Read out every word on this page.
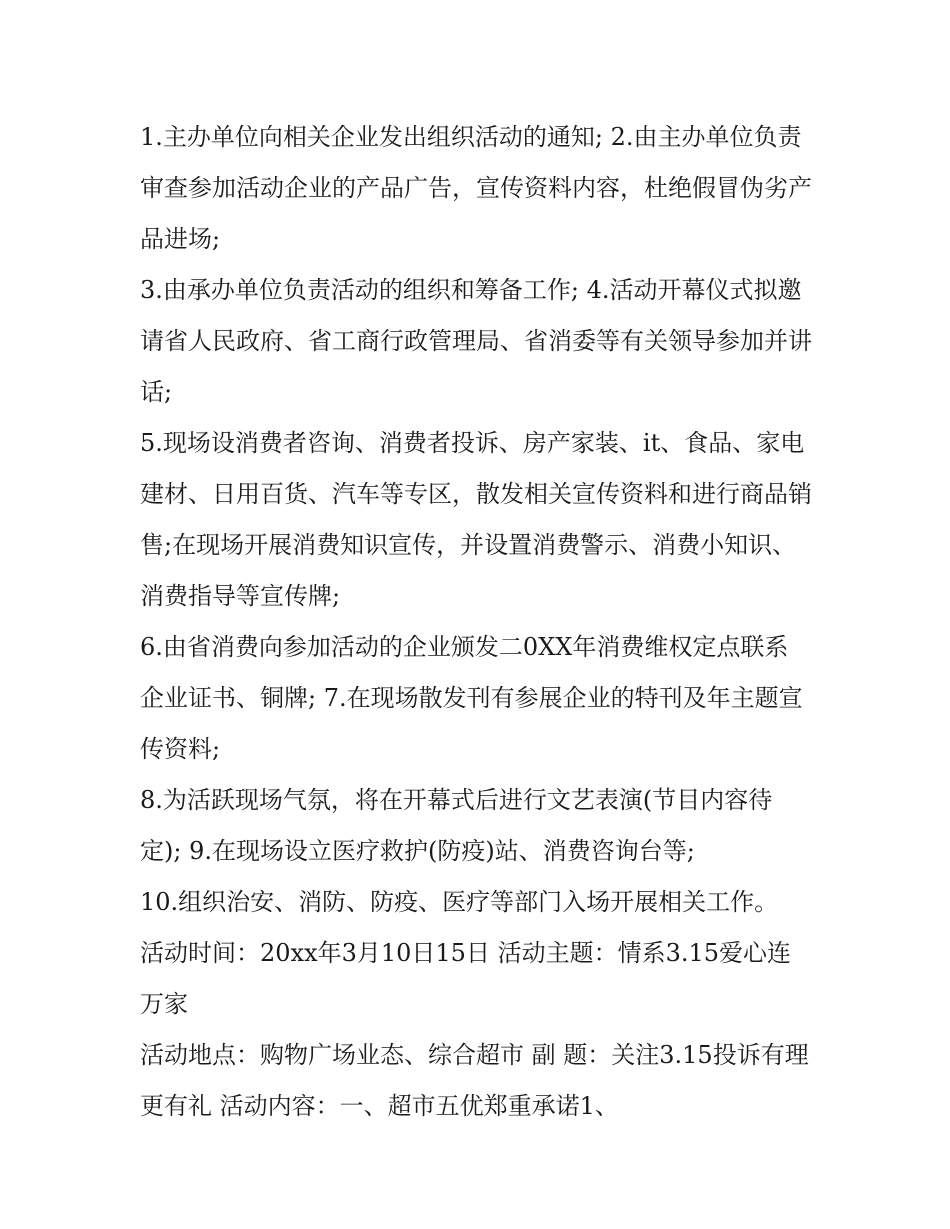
1.主办单位向相关企业发出组织活动的通知; 2.由主办单位负责审查参加活动企业的产品广告，宣传资料内容，杜绝假冒伪劣产品进场;

3.由承办单位负责活动的组织和筹备工作; 4.活动开幕仪式拟邀请省人民政府、省工商行政管理局、省消委等有关领导参加并讲话;

5.现场设消费者咨询、消费者投诉、房产家装、it、食品、家电建材、日用百货、汽车等专区，散发相关宣传资料和进行商品销售;在现场开展消费知识宣传，并设置消费警示、消费小知识、消费指导等宣传牌;

6.由省消费向参加活动的企业颁发二0XX年消费维权定点联系企业证书、铜牌; 7.在现场散发刊有参展企业的特刊及年主题宣传资料;

8.为活跃现场气氛，将在开幕式后进行文艺表演(节目内容待定); 9.在现场设立医疗救护(防疫)站、消费咨询台等;

10.组织治安、消防、防疫、医疗等部门入场开展相关工作。

活动时间：20xx年3月10日15日 活动主题：情系3.15爱心连万家

活动地点：购物广场业态、综合超市 副 题：关注3.15投诉有理更有礼 活动内容：一、超市五优郑重承诺1、
